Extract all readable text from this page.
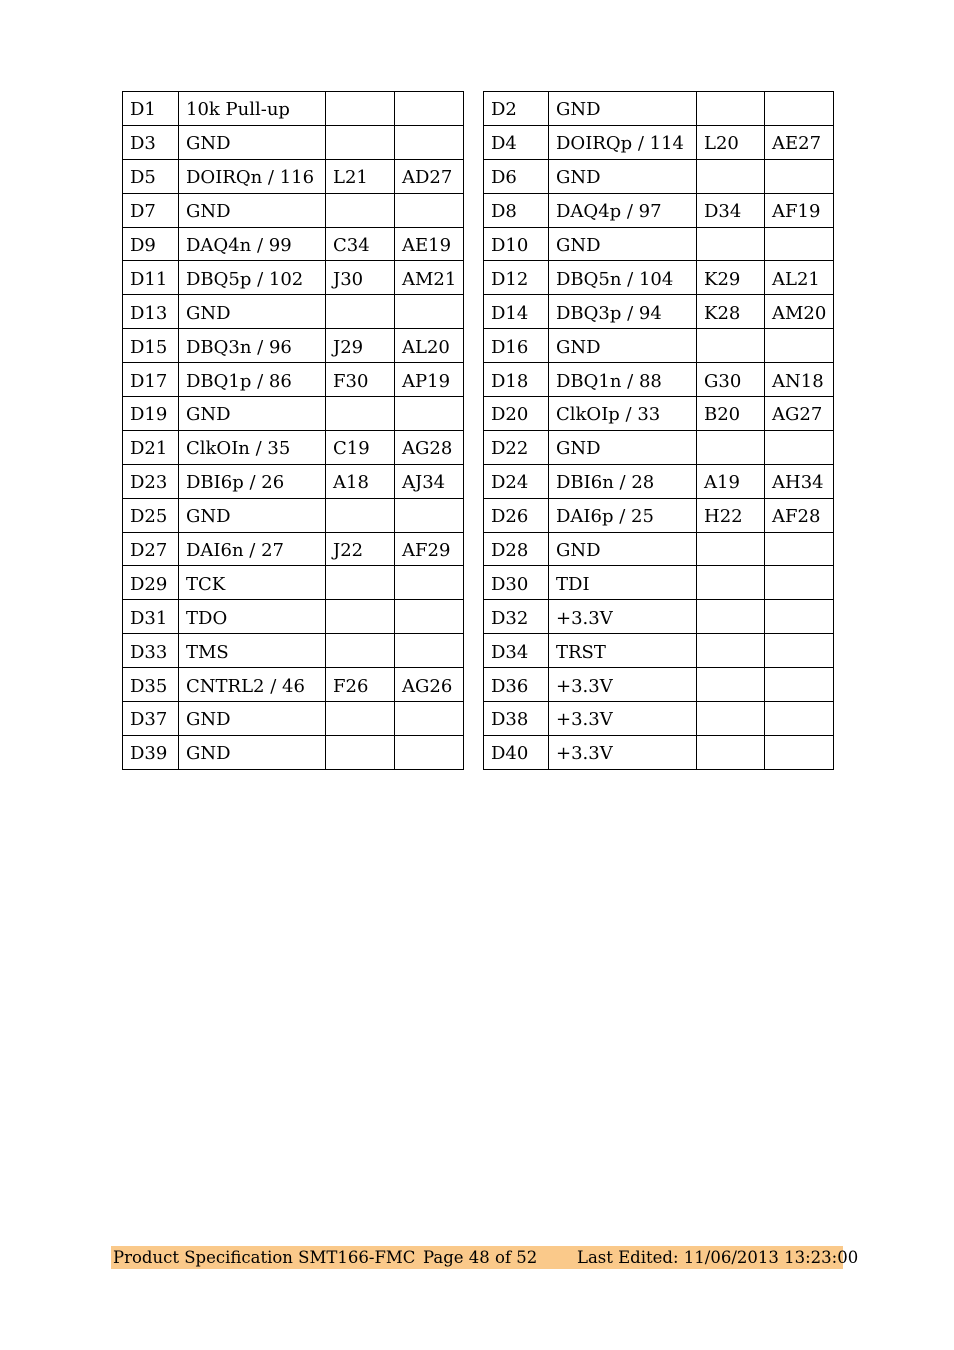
D1	10k Pull-up		
D3	GND		
D5	DOIRQn / 116	L21	AD27
D7	GND		
D9	DAQ4n / 99	C34	AE19
D11	DBQ5p / 102	J30	AM21
D13	GND		
D15	DBQ3n / 96	J29	AL20
D17	DBQ1p / 86	F30	AP19
D19	GND		
D21	ClkOIn / 35	C19	AG28
D23	DBI6p / 26	A18	AJ34
D25	GND		
D27	DAI6n / 27	J22	AF29
D29	TCK		
D31	TDO		
D33	TMS		
D35	CNTRL2 / 46	F26	AG26
D37	GND		
D39	GND		
D2	GND		
D4	DOIRQp / 114	L20	AE27
D6	GND		
D8	DAQ4p / 97	D34	AF19
D10	GND		
D12	DBQ5n / 104	K29	AL21
D14	DBQ3p / 94	K28	AM20
D16	GND		
D18	DBQ1n / 88	G30	AN18
D20	ClkOIp / 33	B20	AG27
D22	GND		
D24	DBI6n / 28	A19	AH34
D26	DAI6p / 25	H22	AF28
D28	GND		
D30	TDI		
D32	+3.3V		
D34	TRST		
D36	+3.3V		
D38	+3.3V		
D40	+3.3V		
Product Specification SMT166-FMC Page 48 of 52 Last Edited: 11/06/2013 13:23:00
